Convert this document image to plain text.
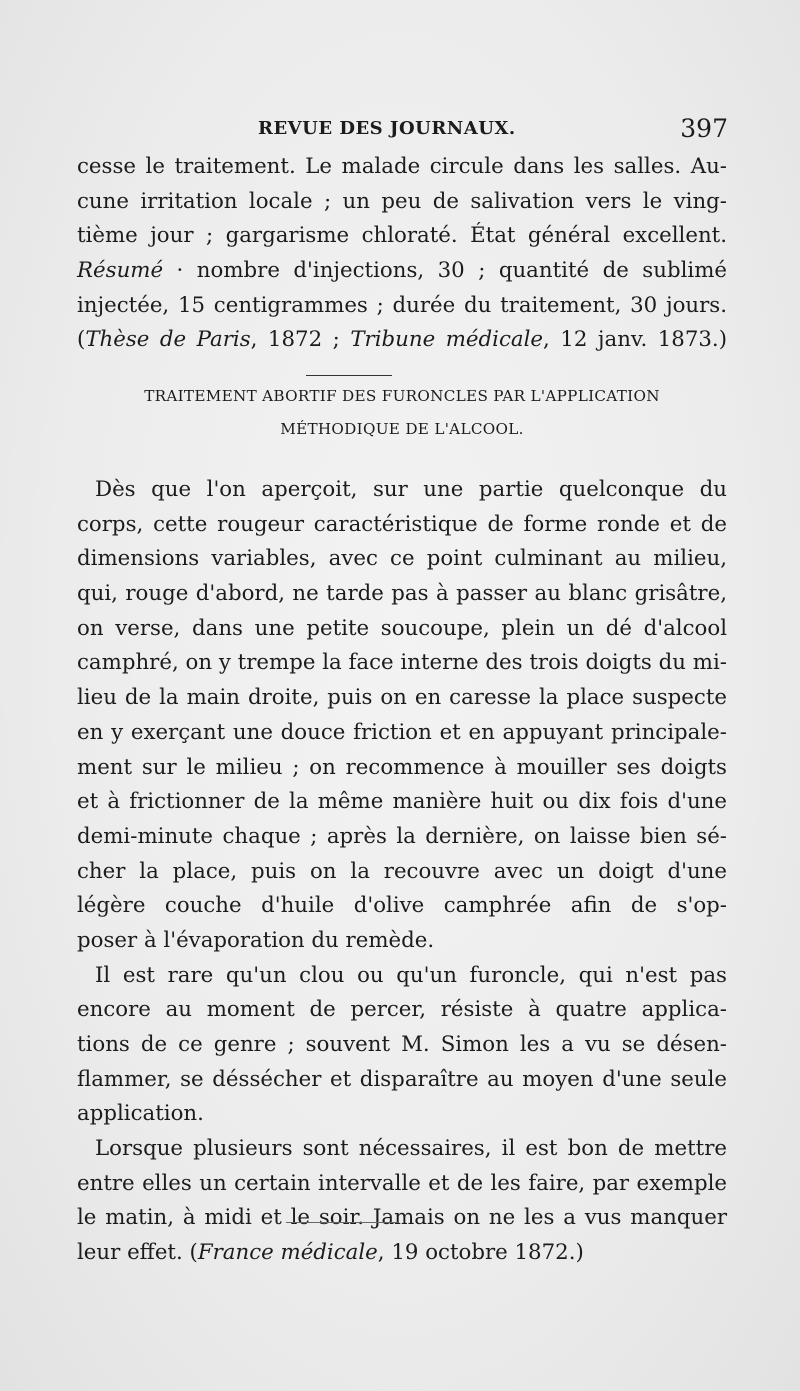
REVUE DES JOURNAUX.	397
cesse le traitement. Le malade circule dans les salles. Au-
cune irritation locale ; un peu de salivation vers le ving-
tième jour ; gargarisme chloraté. État général excellent.
Résumé · nombre d'injections, 30 ; quantité de sublimé
injectée, 15 centigrammes ; durée du traitement, 30 jours.
(Thèse de Paris, 1872 ; Tribune médicale, 12 janv. 1873.)
TRAITEMENT ABORTIF DES FURONCLES PAR L'APPLICATION
MÉTHODIQUE DE L'ALCOOL.
Dès que l'on aperçoit, sur une partie quelconque du
corps, cette rougeur caractéristique de forme ronde et de
dimensions variables, avec ce point culminant au milieu,
qui, rouge d'abord, ne tarde pas à passer au blanc grisâtre,
on verse, dans une petite soucoupe, plein un dé d'alcool
camphré, on y trempe la face interne des trois doigts du mi-
lieu de la main droite, puis on en caresse la place suspecte
en y exerçant une douce friction et en appuyant principale-
ment sur le milieu ; on recommence à mouiller ses doigts
et à frictionner de la même manière huit ou dix fois d'une
demi-minute chaque ; après la dernière, on laisse bien sé-
cher la place, puis on la recouvre avec un doigt d'une
légère couche d'huile d'olive camphrée afin de s'op-
poser à l'évaporation du remède.
Il est rare qu'un clou ou qu'un furoncle, qui n'est pas
encore au moment de percer, résiste à quatre applica-
tions de ce genre ; souvent M. Simon les a vu se désen-
flammer, se déssécher et disparaître au moyen d'une seule
application.
Lorsque plusieurs sont nécessaires, il est bon de mettre
entre elles un certain intervalle et de les faire, par exemple
le matin, à midi et le soir. Jamais on ne les a vus manquer
leur effet. (France médicale, 19 octobre 1872.)
